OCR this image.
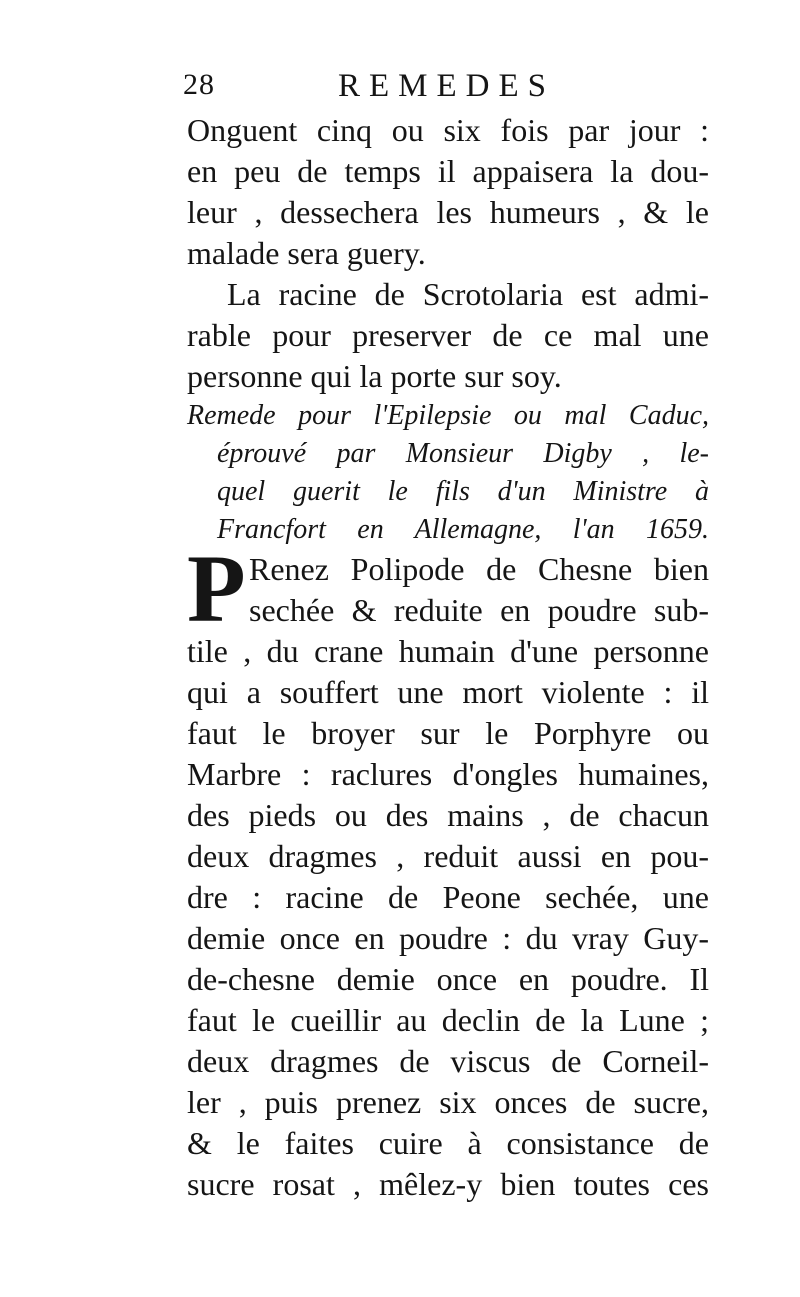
28	REMEDES
Onguent cinq ou six fois par jour :
en peu de temps il appaisera la dou-
leur , dessechera les humeurs , & le
malade sera guery.
La racine de Scrotolaria est admi-
rable pour preserver de ce mal une
personne qui la porte sur soy.
Remede pour l'Epilepsie ou mal Caduc,
éprouvé par Monsieur Digby , le-
quel guerit le fils d'un Ministre à
Francfort en Allemagne, l'an 1659.
P Renez Polipode de Chesne bien
sechée & reduite en poudre sub-
tile , du crane humain d'une personne
qui a souffert une mort violente : il
faut le broyer sur le Porphyre ou
Marbre : raclures d'ongles humaines,
des pieds ou des mains , de chacun
deux dragmes , reduit aussi en pou-
dre : racine de Peone sechée, une
demie once en poudre : du vray Guy-
de-chesne demie once en poudre. Il
faut le cueillir au declin de la Lune ;
deux dragmes de viscus de Corneil-
ler , puis prenez six onces de sucre,
& le faites cuire à consistance de
sucre rosat , mêlez-y bien toutes ces
